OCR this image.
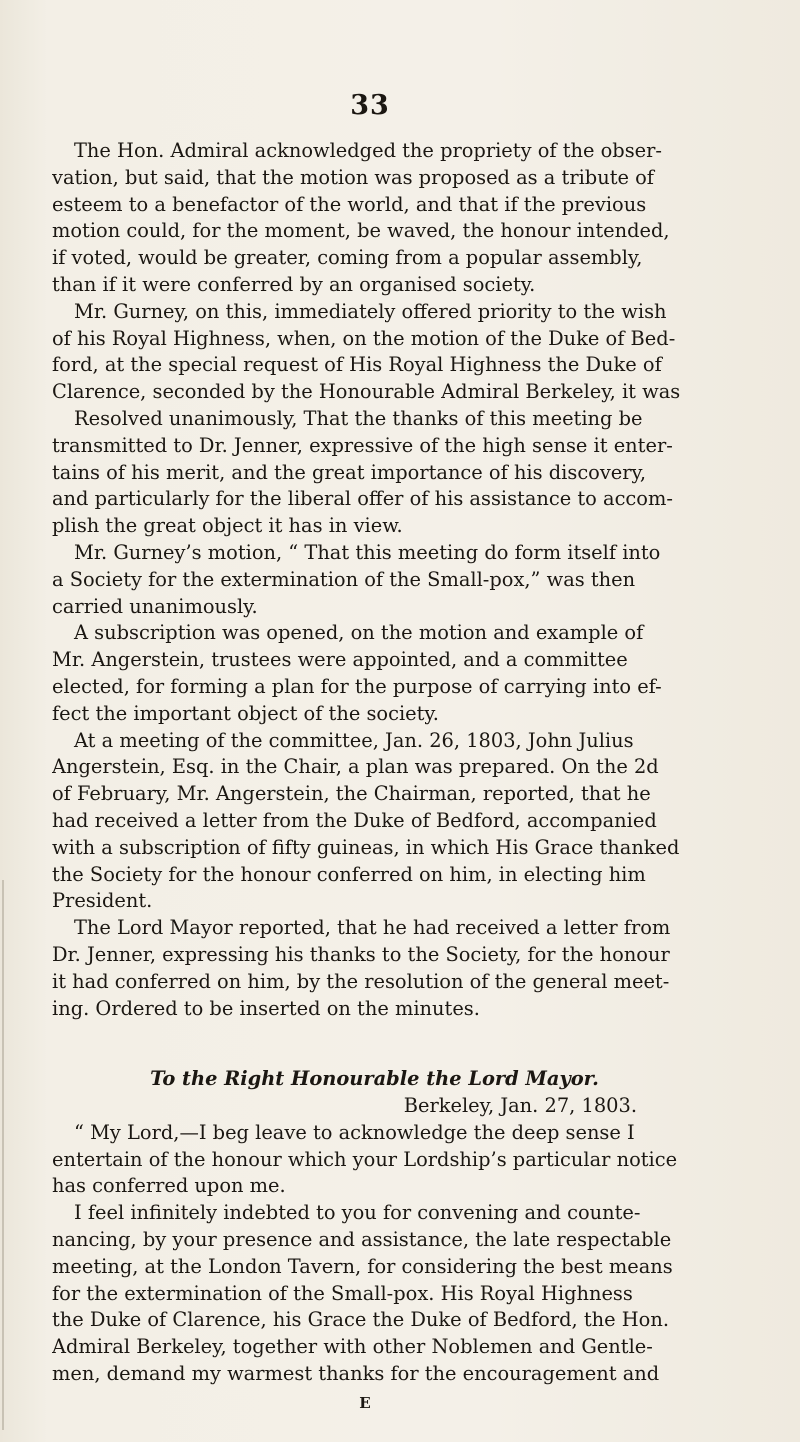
33
The Hon. Admiral acknowledged the propriety of the obser-
vation, but said, that the motion was proposed as a tribute of
esteem to a benefactor of the world, and that if the previous
motion could, for the moment, be waved, the honour intended,
if voted, would be greater, coming from a popular assembly,
than if it were conferred by an organised society.
Mr. Gurney, on this, immediately offered priority to the wish
of his Royal Highness, when, on the motion of the Duke of Bed-
ford, at the special request of His Royal Highness the Duke of
Clarence, seconded by the Honourable Admiral Berkeley, it was
Resolved unanimously, That the thanks of this meeting be
transmitted to Dr. Jenner, expressive of the high sense it enter-
tains of his merit, and the great importance of his discovery,
and particularly for the liberal offer of his assistance to accom-
plish the great object it has in view.
Mr. Gurney’s motion, “ That this meeting do form itself into
a Society for the extermination of the Small-pox,” was then
carried unanimously.
A subscription was opened, on the motion and example of
Mr. Angerstein, trustees were appointed, and a committee
elected, for forming a plan for the purpose of carrying into ef-
fect the important object of the society.
At a meeting of the committee, Jan. 26, 1803, John Julius
Angerstein, Esq. in the Chair, a plan was prepared. On the 2d
of February, Mr. Angerstein, the Chairman, reported, that he
had received a letter from the Duke of Bedford, accompanied
with a subscription of fifty guineas, in which His Grace thanked
the Society for the honour conferred on him, in electing him
President.
The Lord Mayor reported, that he had received a letter from
Dr. Jenner, expressing his thanks to the Society, for the honour
it had conferred on him, by the resolution of the general meet-
ing. Ordered to be inserted on the minutes.
To the Right Honourable the Lord Mayor.
Berkeley, Jan. 27, 1803.
“ My Lord,—I beg leave to acknowledge the deep sense I
entertain of the honour which your Lordship’s particular notice
has conferred upon me.
I feel infinitely indebted to you for convening and counte-
nancing, by your presence and assistance, the late respectable
meeting, at the London Tavern, for considering the best means
for the extermination of the Small-pox. His Royal Highness
the Duke of Clarence, his Grace the Duke of Bedford, the Hon.
Admiral Berkeley, together with other Noblemen and Gentle-
men, demand my warmest thanks for the encouragement and
E
